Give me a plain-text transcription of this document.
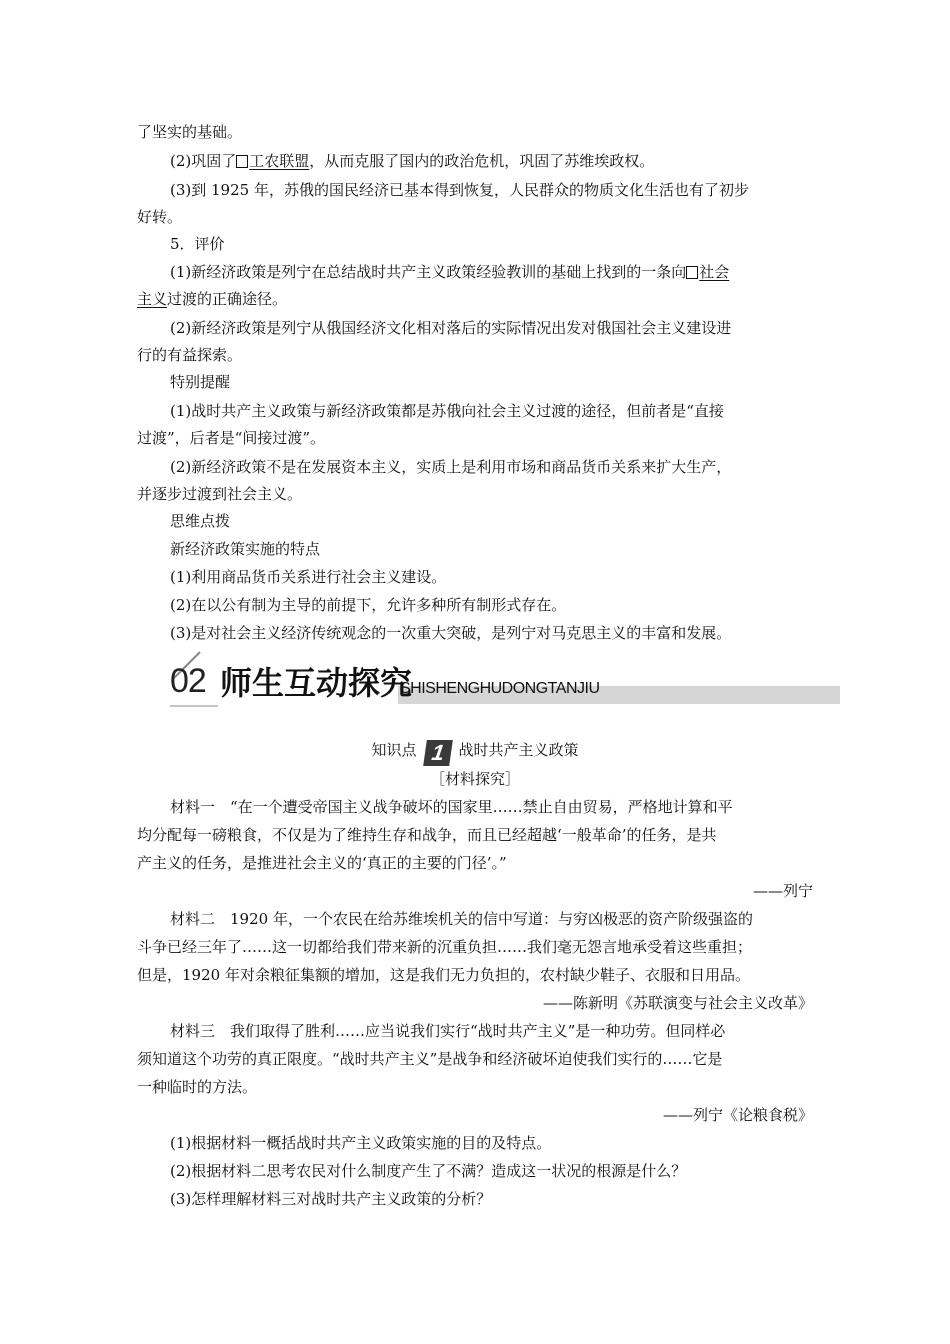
了坚实的基础。
(2)巩固了 工农联盟，从而克服了国内的政治危机，巩固了苏维埃政权。
(3)到 1925 年，苏俄的国民经济已基本得到恢复，人民群众的物质文化生活也有了初步
好转。
5．评价
(1)新经济政策是列宁在总结战时共产主义政策经验教训的基础上找到的一条向 社会
主义过渡的正确途径。
(2)新经济政策是列宁从俄国经济文化相对落后的实际情况出发对俄国社会主义建设进
行的有益探索。
特别提醒
(1)战时共产主义政策与新经济政策都是苏俄向社会主义过渡的途径，但前者是“直接
过渡”，后者是“间接过渡”。
(2)新经济政策不是在发展资本主义，实质上是利用市场和商品货币关系来扩大生产，
并逐步过渡到社会主义。
思维点拨
新经济政策实施的特点
(1)利用商品货币关系进行社会主义建设。
(2)在以公有制为主导的前提下，允许多种所有制形式存在。
(3)是对社会主义经济传统观念的一次重大突破，是列宁对马克思主义的丰富和发展。
02 师生互动探究
SHISHENGHUDONGTANJIU
知识点 1 战时共产主义政策
［材料探究］
材料一　“在一个遭受帝国主义战争破坏的国家里……禁止自由贸易，严格地计算和平
均分配每一磅粮食，不仅是为了维持生存和战争，而且已经超越‘一般革命’的任务，是共
产主义的任务，是推进社会主义的‘真正的主要的门径’。”
——列宁
材料二　1920 年，一个农民在给苏维埃机关的信中写道：与穷凶极恶的资产阶级强盗的
斗争已经三年了……这一切都给我们带来新的沉重负担……我们毫无怨言地承受着这些重担；
但是，1920 年对余粮征集额的增加，这是我们无力负担的，农村缺少鞋子、衣服和日用品。
——陈新明《苏联演变与社会主义改革》
材料三　我们取得了胜利……应当说我们实行“战时共产主义”是一种功劳。但同样必
须知道这个功劳的真正限度。“战时共产主义”是战争和经济破坏迫使我们实行的……它是
一种临时的方法。
——列宁《论粮食税》
(1)根据材料一概括战时共产主义政策实施的目的及特点。
(2)根据材料二思考农民对什么制度产生了不满？造成这一状况的根源是什么？
(3)怎样理解材料三对战时共产主义政策的分析？
